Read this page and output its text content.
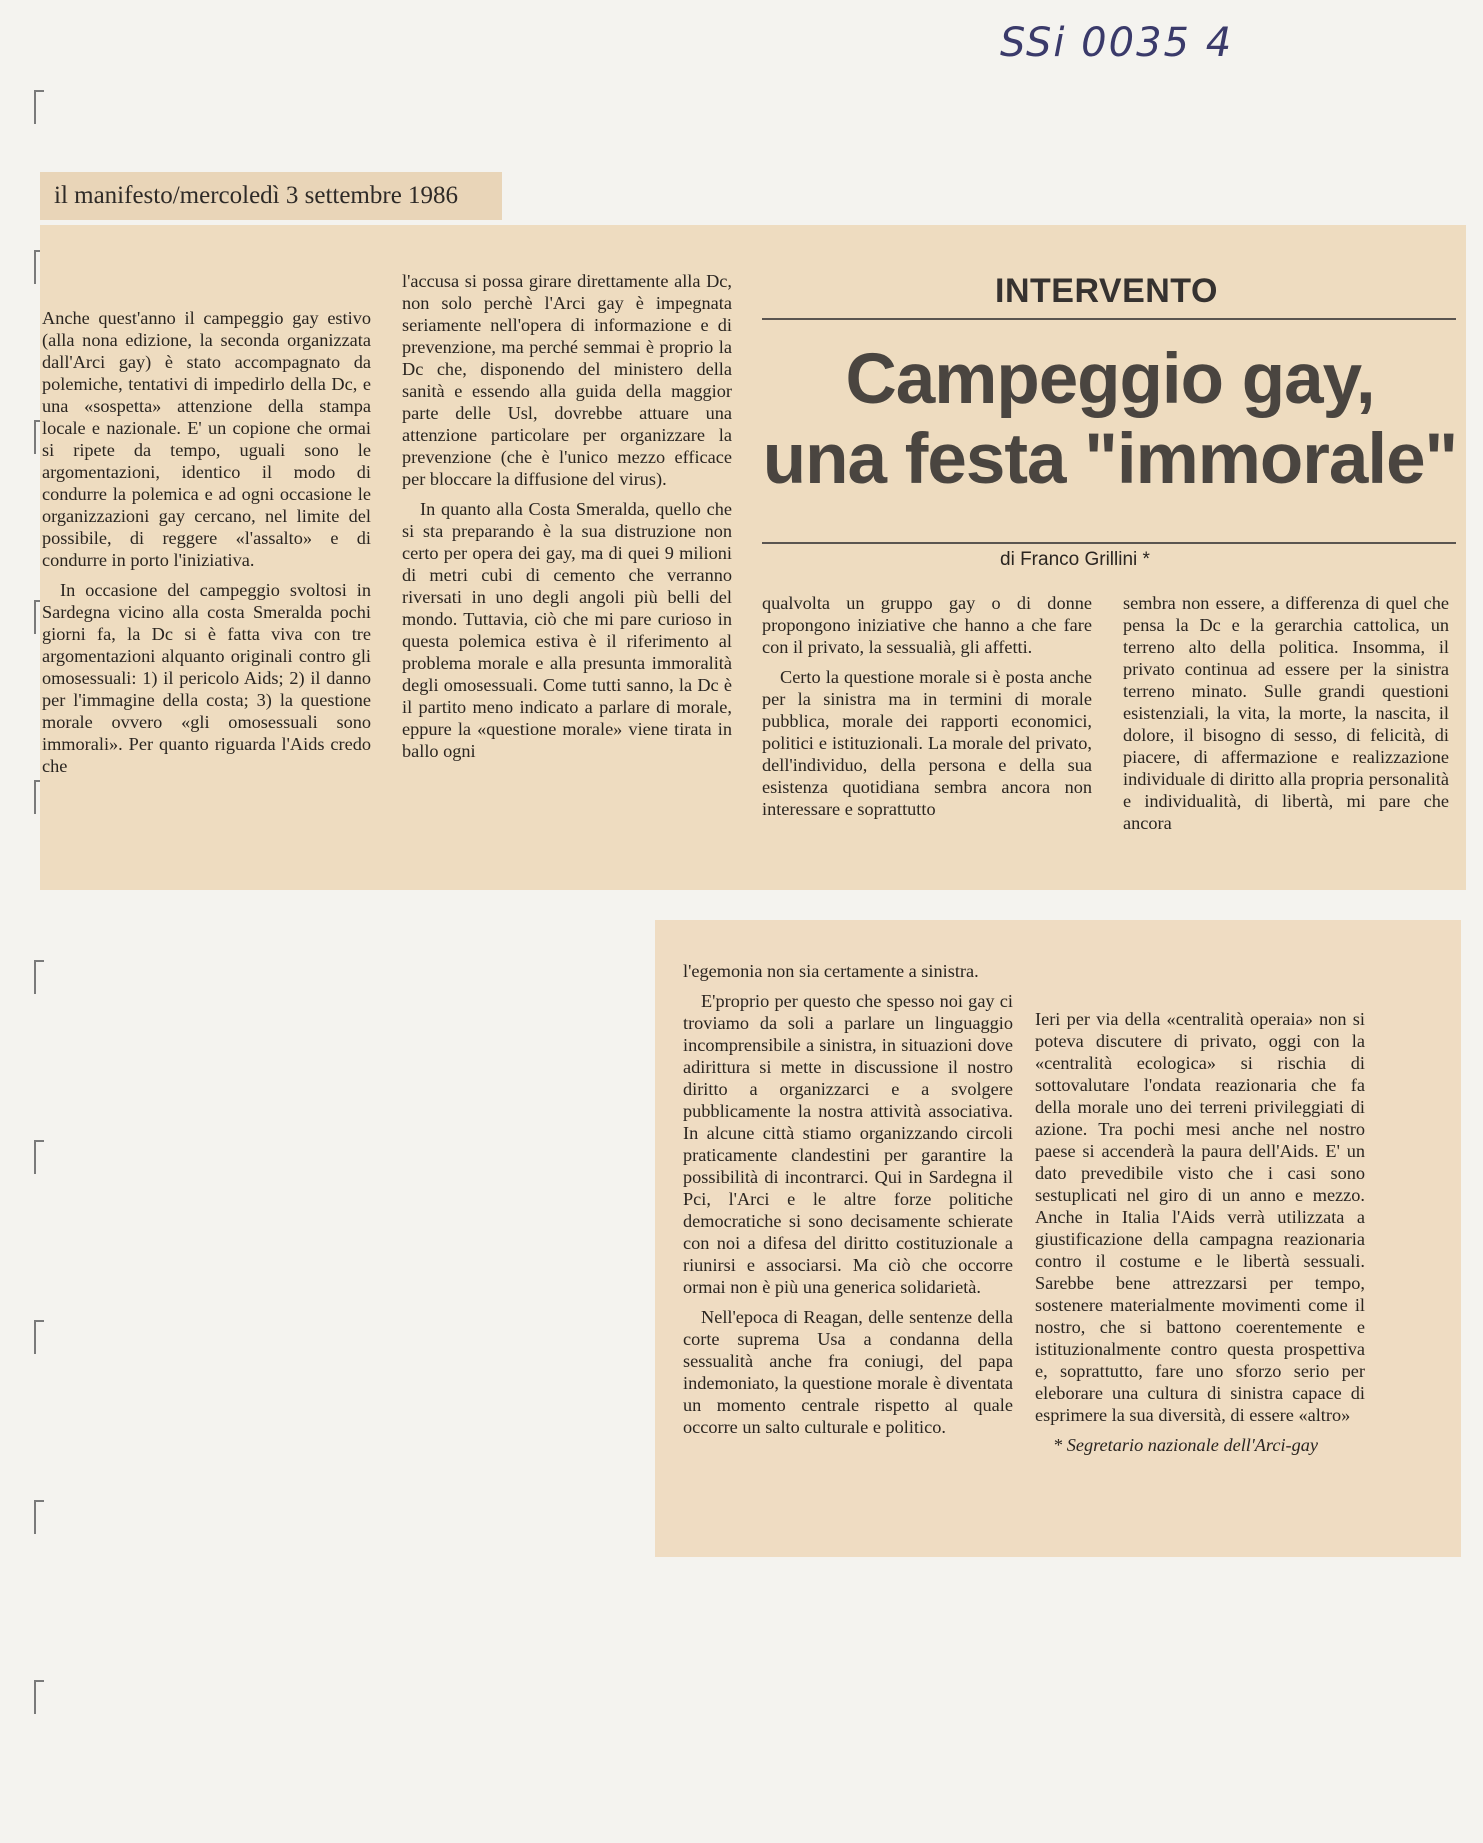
SSi 0035 4
il manifesto/mercoledì 3 settembre 1986

Anche quest'anno il campeggio gay estivo (alla nona edizione, la seconda organizzata dall'Arci gay) è stato accompagnato da polemiche, tentativi di impedirlo della Dc, e una «sospetta» attenzione della stampa locale e nazionale. E' un copione che ormai si ripete da tempo, uguali sono le argomentazioni, identico il modo di condurre la polemica e ad ogni occasione le organizzazioni gay cercano, nel limite del possibile, di reggere «l'assalto» e di condurre in porto l'iniziativa.

In occasione del campeggio svoltosi in Sardegna vicino alla costa Smeralda pochi giorni fa, la Dc si è fatta viva con tre argomentazioni alquanto originali contro gli omosessuali: 1) il pericolo Aids; 2) il danno per l'immagine della costa; 3) la questione morale ovvero «gli omosessuali sono immorali». Per quanto riguarda l'Aids credo che

l'accusa si possa girare direttamente alla Dc, non solo perchè l'Arci gay è impegnata seriamente nell'opera di informazione e di prevenzione, ma perché semmai è proprio la Dc che, disponendo del ministero della sanità e essendo alla guida della maggior parte delle Usl, dovrebbe attuare una attenzione particolare per organizzare la prevenzione (che è l'unico mezzo efficace per bloccare la diffusione del virus).

In quanto alla Costa Smeralda, quello che si sta preparando è la sua distruzione non certo per opera dei gay, ma di quei 9 milioni di metri cubi di cemento che verranno riversati in uno degli angoli più belli del mondo. Tuttavia, ciò che mi pare curioso in questa polemica estiva è il riferimento al problema morale e alla presunta immoralità degli omosessuali. Come tutti sanno, la Dc è il partito meno indicato a parlare di morale, eppure la «questione morale» viene tirata in ballo ogni

INTERVENTO
Campeggio gay,
una festa "immorale"
di Franco Grillini *

qualvolta un gruppo gay o di donne propongono iniziative che hanno a che fare con il privato, la sessualià, gli affetti.

Certo la questione morale si è posta anche per la sinistra ma in termini di morale pubblica, morale dei rapporti economici, politici e istituzionali. La morale del privato, dell'individuo, della persona e della sua esistenza quotidiana sembra ancora non interessare e soprattutto

sembra non essere, a differenza di quel che pensa la Dc e la gerarchia cattolica, un terreno alto della politica. Insomma, il privato continua ad essere per la sinistra terreno minato. Sulle grandi questioni esistenziali, la vita, la morte, la nascita, il dolore, il bisogno di sesso, di felicità, di piacere, di affermazione e realizzazione individuale di diritto alla propria personalità e individualità, di libertà, mi pare che ancora

l'egemonia non sia certamente a sinistra.

E'proprio per questo che spesso noi gay ci troviamo da soli a parlare un linguaggio incomprensibile a sinistra, in situazioni dove adirittura si mette in discussione il nostro diritto a organizzarci e a svolgere pubblicamente la nostra attività associativa. In alcune città stiamo organizzando circoli praticamente clandestini per garantire la possibilità di incontrarci. Qui in Sardegna il Pci, l'Arci e le altre forze politiche democratiche si sono decisamente schierate con noi a difesa del diritto costituzionale a riunirsi e associarsi. Ma ciò che occorre ormai non è più una generica solidarietà.

Nell'epoca di Reagan, delle sentenze della corte suprema Usa a condanna della sessualità anche fra coniugi, del papa indemoniato, la questione morale è diventata un momento centrale rispetto al quale occorre un salto culturale e politico.

Ieri per via della «centralità operaia» non si poteva discutere di privato, oggi con la «centralità ecologica» si rischia di sottovalutare l'ondata reazionaria che fa della morale uno dei terreni privileggiati di azione. Tra pochi mesi anche nel nostro paese si accenderà la paura dell'Aids. E' un dato prevedibile visto che i casi sono sestuplicati nel giro di un anno e mezzo. Anche in Italia l'Aids verrà utilizzata a giustificazione della campagna reazionaria contro il costume e le libertà sessuali. Sarebbe bene attrezzarsi per tempo, sostenere materialmente movimenti come il nostro, che si battono coerentemente e istituzionalmente contro questa prospettiva e, soprattutto, fare uno sforzo serio per eleborare una cultura di sinistra capace di esprimere la sua diversità, di essere «altro»

* Segretario nazionale dell'Arci-gay
